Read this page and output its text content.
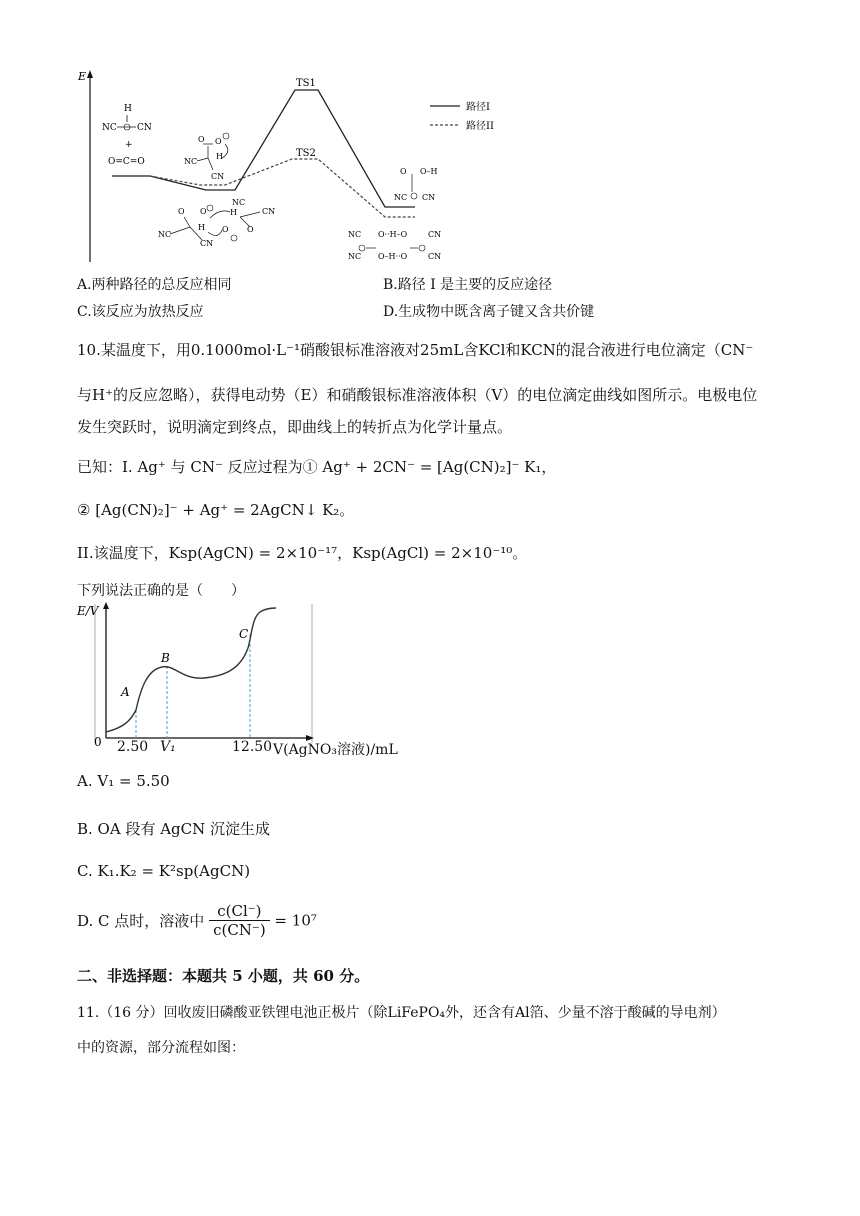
E
TS1
TS2
路径I
路径II
H
NC CN
+
O=C=O
O O
H
NC
CN
O O
NC
H	CN
H O O
NC
CN
O O–H
NC CN
NC O··H–O	CN
NC O–H··O	CN
A.两种路径的总反应相同	B.路径 I 是主要的反应途径
C.该反应为放热反应	D.生成物中既含离子键又含共价键
10.某温度下，用0.1000mol·L⁻¹硝酸银标准溶液对25mL含KCl和KCN的混合液进行电位滴定（CN⁻
与H⁺的反应忽略），获得电动势（E）和硝酸银标准溶液体积（V）的电位滴定曲线如图所示。电极电位
发生突跃时，说明滴定到终点，即曲线上的转折点为化学计量点。
已知：I. Ag⁺ 与 CN⁻ 反应过程为① Ag⁺ + 2CN⁻ = [Ag(CN)₂]⁻ K₁，
② [Ag(CN)₂]⁻ + Ag⁺ = 2AgCN↓ K₂。
II.该温度下，Ksp(AgCN) = 2×10⁻¹⁷，Ksp(AgCl) = 2×10⁻¹⁰。
下列说法正确的是（　　）
E/V
0
A
B
C
2.50 V₁	12.50 V(AgNO₃溶液)/mL
A. V₁ = 5.50
B. OA 段有 AgCN 沉淀生成
C. K₁.K₂ = K²sp(AgCN)
D. C 点时，溶液中 $\frac{c(Cl^-)}{c(CN^-)} = 10^7$
二、非选择题：本题共 5 小题，共 60 分。
11.（16 分）回收废旧磷酸亚铁锂电池正极片（除LiFePO₄外，还含有Al箔、少量不溶于酸碱的导电剂）
中的资源，部分流程如图：
